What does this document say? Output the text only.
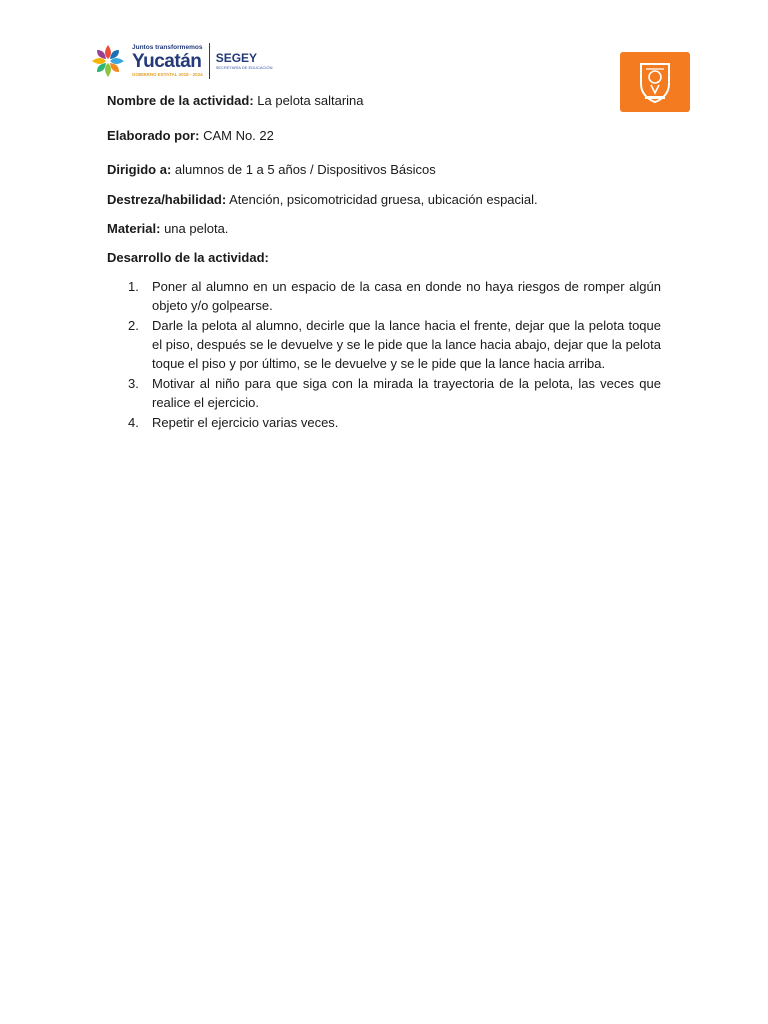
Juntos transformemos
Yucatán
GOBIERNO ESTATAL 2018 - 2024
SEGEY
SECRETARÍA DE EDUCACIÓN

Nombre de la actividad: La pelota saltarina

Elaborado por: CAM No. 22

Dirigido a: alumnos de 1 a 5 años / Dispositivos Básicos

Destreza/habilidad: Atención, psicomotricidad gruesa, ubicación espacial.

Material: una pelota.

Desarrollo de la actividad:

1. Poner al alumno en un espacio de la casa en donde no haya riesgos de romper algún objeto y/o golpearse.
2. Darle la pelota al alumno, decirle que la lance hacia el frente, dejar que la pelota toque el piso, después se le devuelve y se le pide que la lance hacia abajo, dejar que la pelota toque el piso y por último, se le devuelve y se le pide que la lance hacia arriba.
3. Motivar al niño para que siga con la mirada la trayectoria de la pelota, las veces que realice el ejercicio.
4. Repetir el ejercicio varias veces.
